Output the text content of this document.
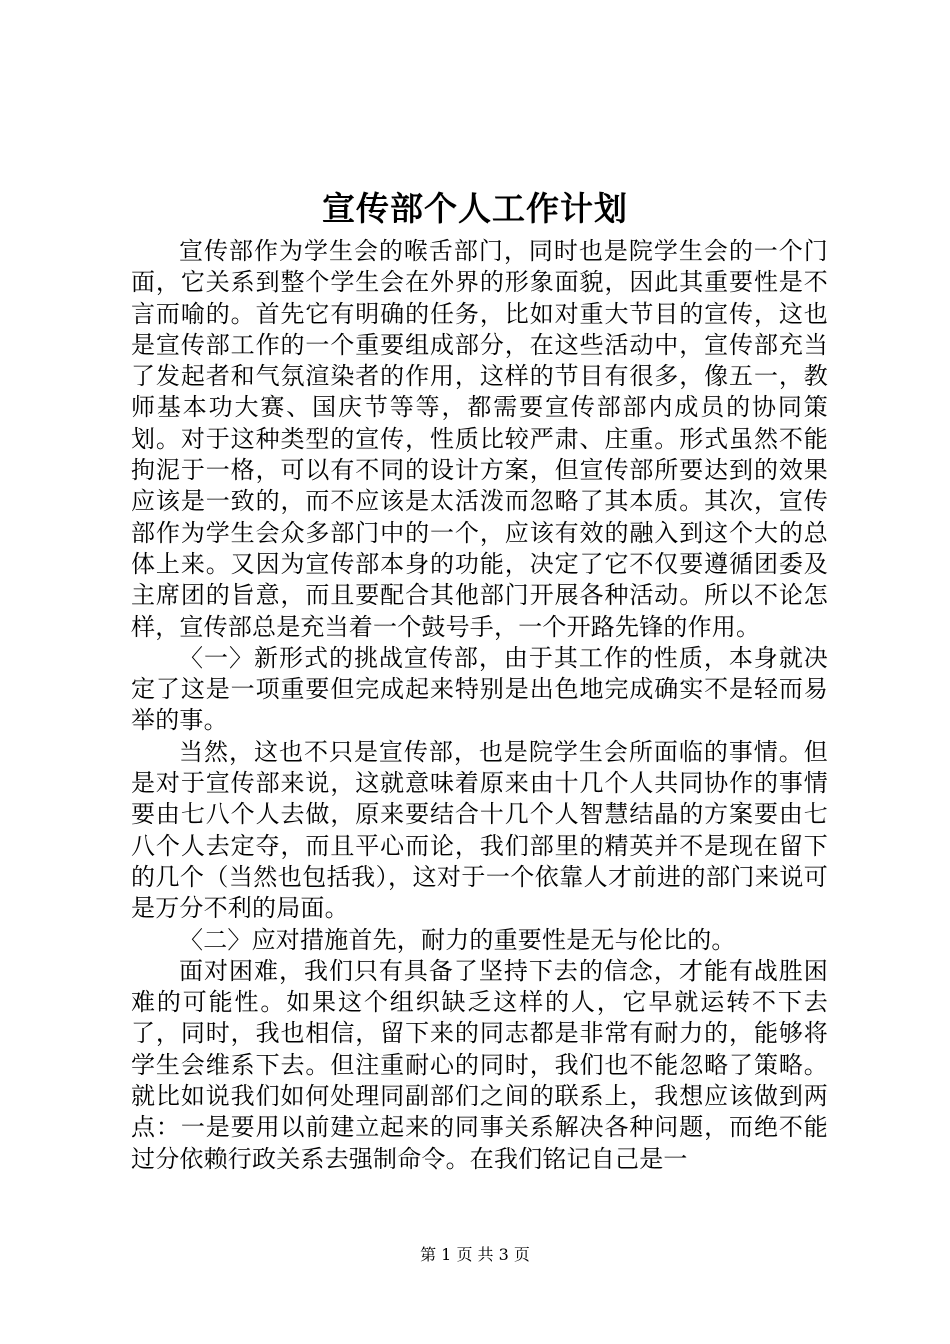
宣传部个人工作计划

宣传部作为学生会的喉舌部门，同时也是院学生会的一个门面，它关系到整个学生会在外界的形象面貌，因此其重要性是不言而喻的。首先它有明确的任务，比如对重大节目的宣传，这也是宣传部工作的一个重要组成部分，在这些活动中，宣传部充当了发起者和气氛渲染者的作用，这样的节目有很多，像五一，教师基本功大赛、国庆节等等，都需要宣传部部内成员的协同策划。对于这种类型的宣传，性质比较严肃、庄重。形式虽然不能拘泥于一格，可以有不同的设计方案，但宣传部所要达到的效果应该是一致的，而不应该是太活泼而忽略了其本质。其次，宣传部作为学生会众多部门中的一个，应该有效的融入到这个大的总体上来。又因为宣传部本身的功能，决定了它不仅要遵循团委及主席团的旨意，而且要配合其他部门开展各种活动。所以不论怎样，宣传部总是充当着一个鼓号手，一个开路先锋的作用。

〈一〉新形式的挑战宣传部，由于其工作的性质，本身就决定了这是一项重要但完成起来特别是出色地完成确实不是轻而易举的事。

当然，这也不只是宣传部，也是院学生会所面临的事情。但是对于宣传部来说，这就意味着原来由十几个人共同协作的事情要由七八个人去做，原来要结合十几个人智慧结晶的方案要由七八个人去定夺，而且平心而论，我们部里的精英并不是现在留下的几个（当然也包括我），这对于一个依靠人才前进的部门来说可是万分不利的局面。

〈二〉应对措施首先，耐力的重要性是无与伦比的。

面对困难，我们只有具备了坚持下去的信念，才能有战胜困难的可能性。如果这个组织缺乏这样的人，它早就运转不下去了，同时，我也相信，留下来的同志都是非常有耐力的，能够将学生会维系下去。但注重耐心的同时，我们也不能忽略了策略。就比如说我们如何处理同副部们之间的联系上，我想应该做到两点：一是要用以前建立起来的同事关系解决各种问题，而绝不能过分依赖行政关系去强制命令。在我们铭记自己是一

第 1 页 共 3 页
